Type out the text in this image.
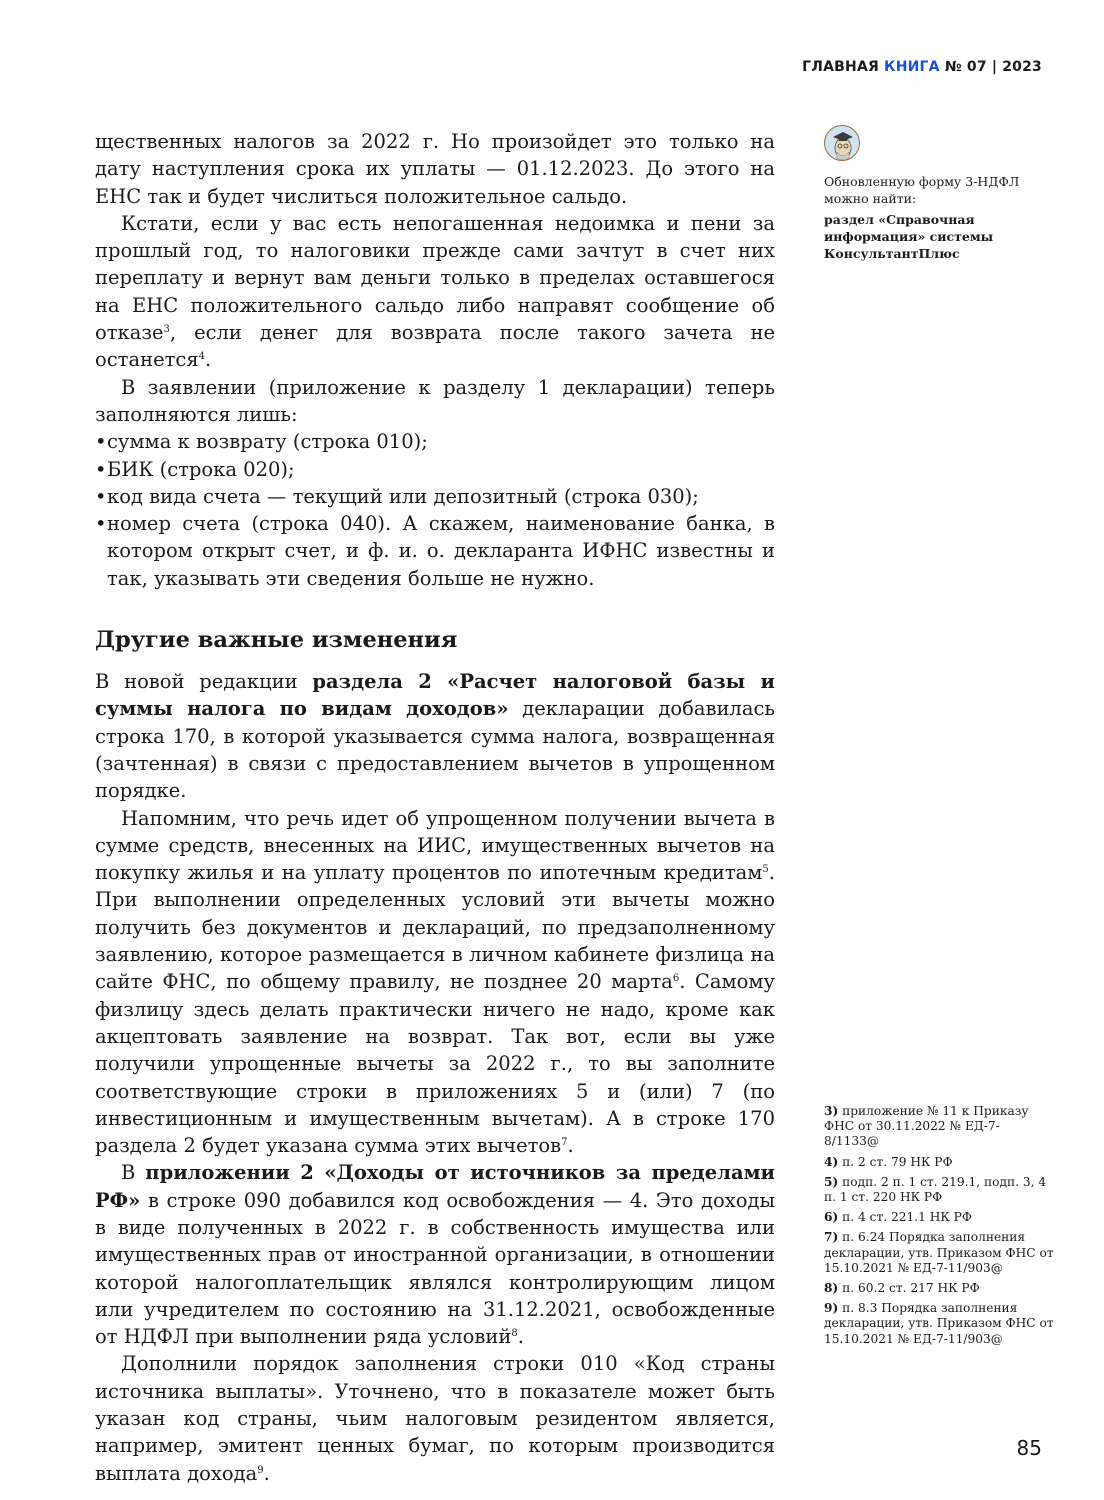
ГЛАВНАЯ КНИГА № 07 | 2023

щественных налогов за 2022 г. Но произойдет это только на дату наступления срока их уплаты — 01.12.2023. До этого на ЕНС так и будет числиться положительное сальдо.

Кстати, если у вас есть непогашенная недоимка и пени за прошлый год, то налоговики прежде сами зачтут в счет них переплату и вернут вам деньги только в пределах оставшегося на ЕНС положительного сальдо либо направят сообщение об отказе$^3$, если денег для возврата после такого зачета не останется$^4$.

В заявлении (приложение к разделу 1 декларации) теперь заполняются лишь:

• сумма к возврату (строка 010);
• БИК (строка 020);
• код вида счета — текущий или депозитный (строка 030);
• номер счета (строка 040). А скажем, наименование банка, в котором открыт счет, и ф. и. о. декларанта ИФНС известны и так, указывать эти сведения больше не нужно.
Другие важные изменения

В новой редакции раздела 2 «Расчет налоговой базы и суммы налога по видам доходов» декларации добавилась строка 170, в которой указывается сумма налога, возвращенная (зачтенная) в связи с предоставлением вычетов в упрощенном порядке.

Напомним, что речь идет об упрощенном получении вычета в сумме средств, внесенных на ИИС, имущественных вычетов на покупку жилья и на уплату процентов по ипотечным кредитам$^5$. При выполнении определенных условий эти вычеты можно получить без документов и деклараций, по предзаполненному заявлению, которое размещается в личном кабинете физлица на сайте ФНС, по общему правилу, не позднее 20 марта$^6$. Самому физлицу здесь делать практически ничего не надо, кроме как акцептовать заявление на возврат. Так вот, если вы уже получили упрощенные вычеты за 2022 г., то вы заполните соответствующие строки в приложениях 5 и (или) 7 (по инвестиционным и имущественным вычетам). А в строке 170 раздела 2 будет указана сумма этих вычетов$^7$.

В приложении 2 «Доходы от источников за пределами РФ» в строке 090 добавился код освобождения — 4. Это доходы в виде полученных в 2022 г. в собственность имущества или имущественных прав от иностранной организации, в отношении которой налогоплательщик являлся контролирующим лицом или учредителем по состоянию на 31.12.2021, освобожденные от НДФЛ при выполнении ряда условий$^8$.

Дополнили порядок заполнения строки 010 «Код страны источника выплаты». Уточнено, что в показателе может быть указан код страны, чьим налоговым резидентом является, например, эмитент ценных бумаг, по которым производится выплата дохода$^9$.

Обновленную форму 3-НДФЛ можно найти:
раздел «Справочная информация» системы КонсультантПлюс
3) приложение № 11 к Приказу ФНС от 30.11.2022 № ЕД-7-8/1133@
4) п. 2 ст. 79 НК РФ
5) подп. 2 п. 1 ст. 219.1, подп. 3, 4 п. 1 ст. 220 НК РФ
6) п. 4 ст. 221.1 НК РФ
7) п. 6.24 Порядка заполнения декларации, утв. Приказом ФНС от 15.10.2021 № ЕД-7-11/903@
8) п. 60.2 ст. 217 НК РФ
9) п. 8.3 Порядка заполнения декларации, утв. Приказом ФНС от 15.10.2021 № ЕД-7-11/903@
85
